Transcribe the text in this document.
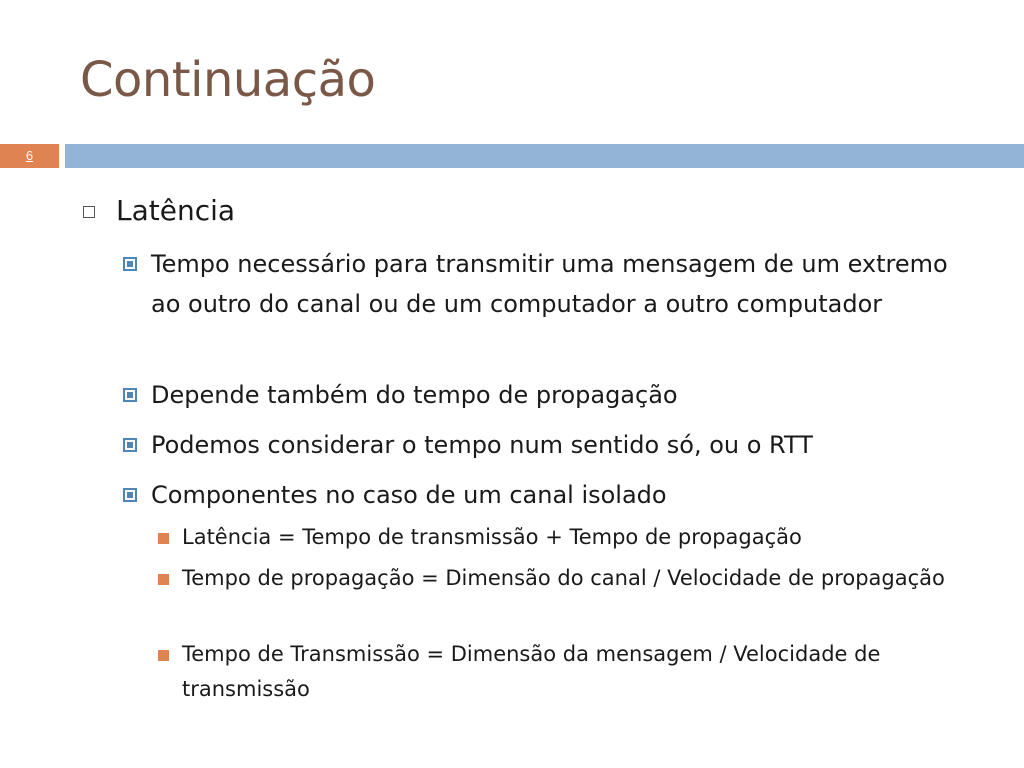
Continuação
6
Latência
Tempo necessário para transmitir uma mensagem de um extremo ao outro do canal ou de um computador a outro computador
Depende também do tempo de propagação
Podemos considerar o tempo num sentido só, ou o RTT
Componentes no caso de um canal isolado
Latência = Tempo de transmissão + Tempo de propagação
Tempo de propagação = Dimensão do canal / Velocidade de propagação
Tempo de Transmissão = Dimensão da mensagem / Velocidade de transmissão
